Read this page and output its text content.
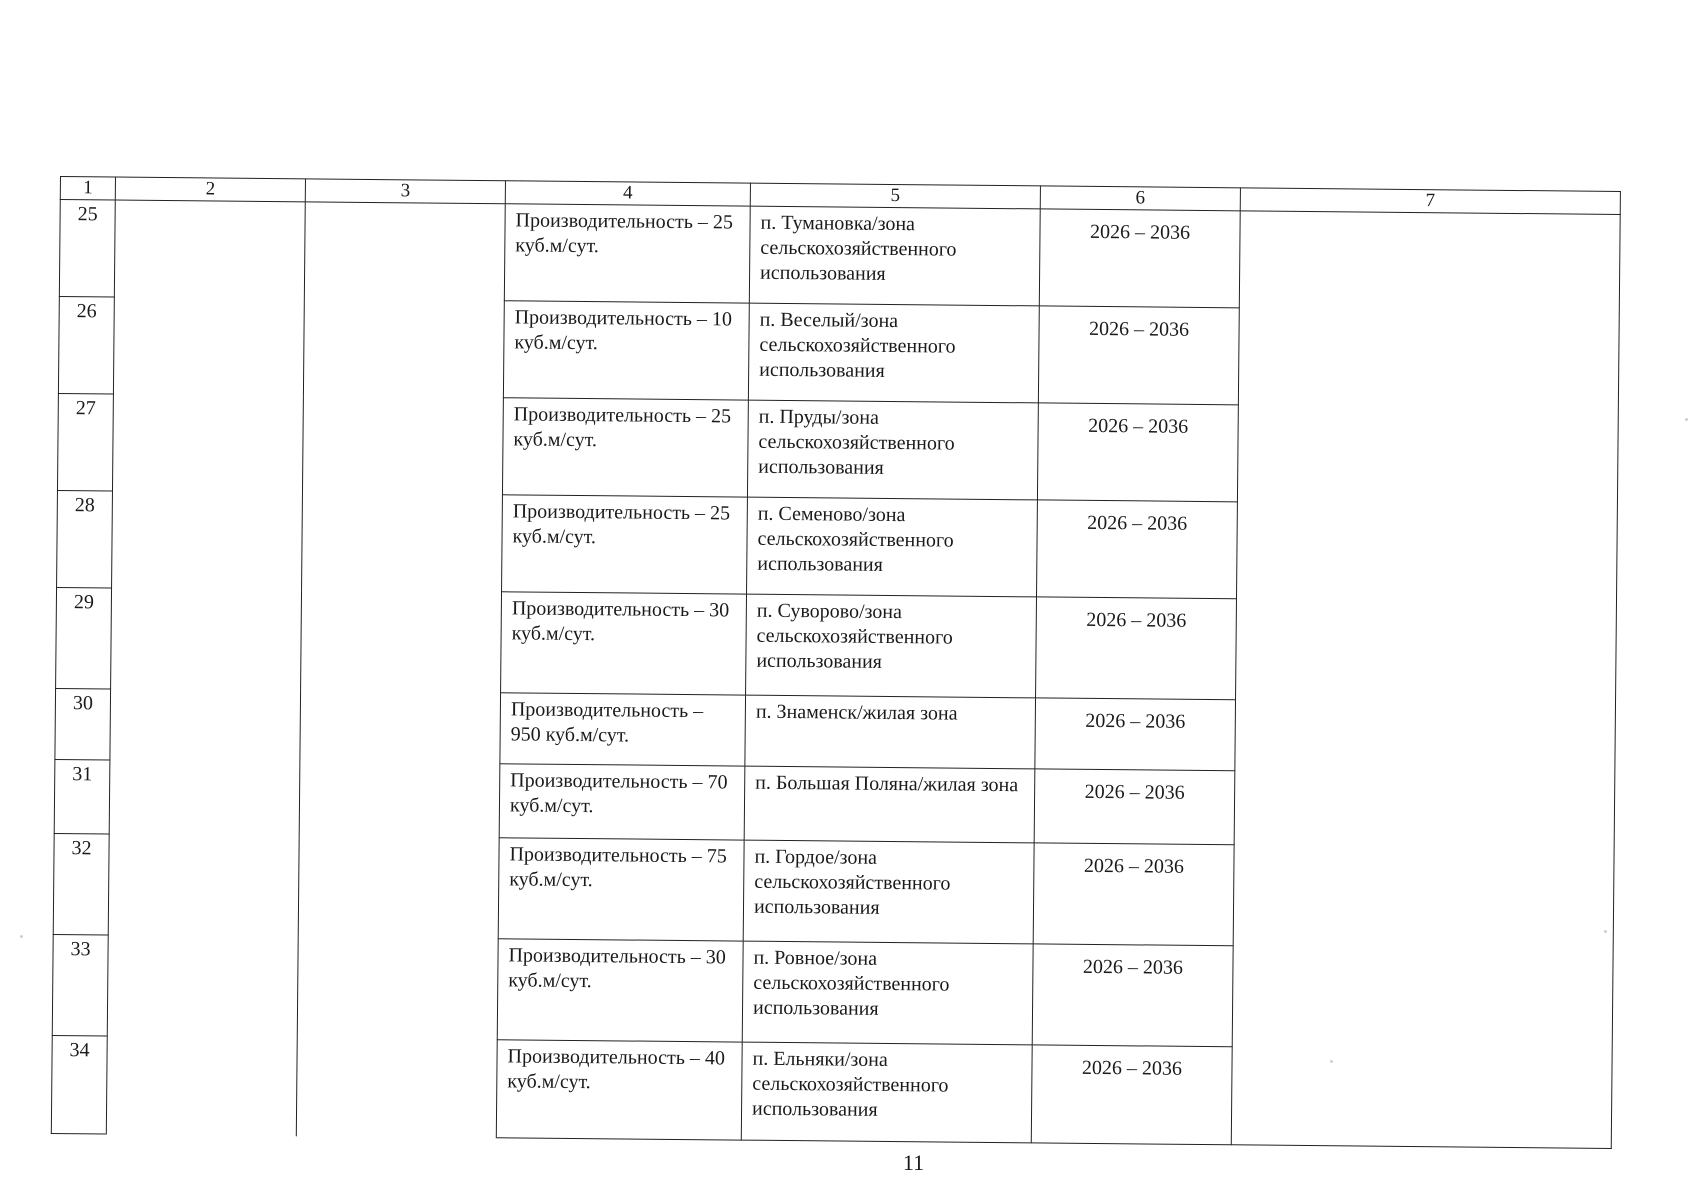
1	2	3	4	5	6	7
25			Производительность – 25 куб.м/сут.	п. Тумановка/зона сельскохозяйственного использования	2026 – 2036	
26			Производительность – 10 куб.м/сут.	п. Веселый/зона сельскохозяйственного использования	2026 – 2036	
27			Производительность – 25 куб.м/сут.	п. Пруды/зона сельскохозяйственного использования	2026 – 2036	
28			Производительность – 25 куб.м/сут.	п. Семеново/зона сельскохозяйственного использования	2026 – 2036	
29			Производительность – 30 куб.м/сут.	п. Суворово/зона сельскохозяйственного использования	2026 – 2036	
30			Производительность – 950 куб.м/сут.	п. Знаменск/жилая зона	2026 – 2036	
31			Производительность – 70 куб.м/сут.	п. Большая Поляна/жилая зона	2026 – 2036	
32			Производительность – 75 куб.м/сут.	п. Гордое/зона сельскохозяйственного использования	2026 – 2036	
33			Производительность – 30 куб.м/сут.	п. Ровное/зона сельскохозяйственного использования	2026 – 2036	
34			Производительность – 40 куб.м/сут.	п. Ельняки/зона сельскохозяйственного использования	2026 – 2036	
11
